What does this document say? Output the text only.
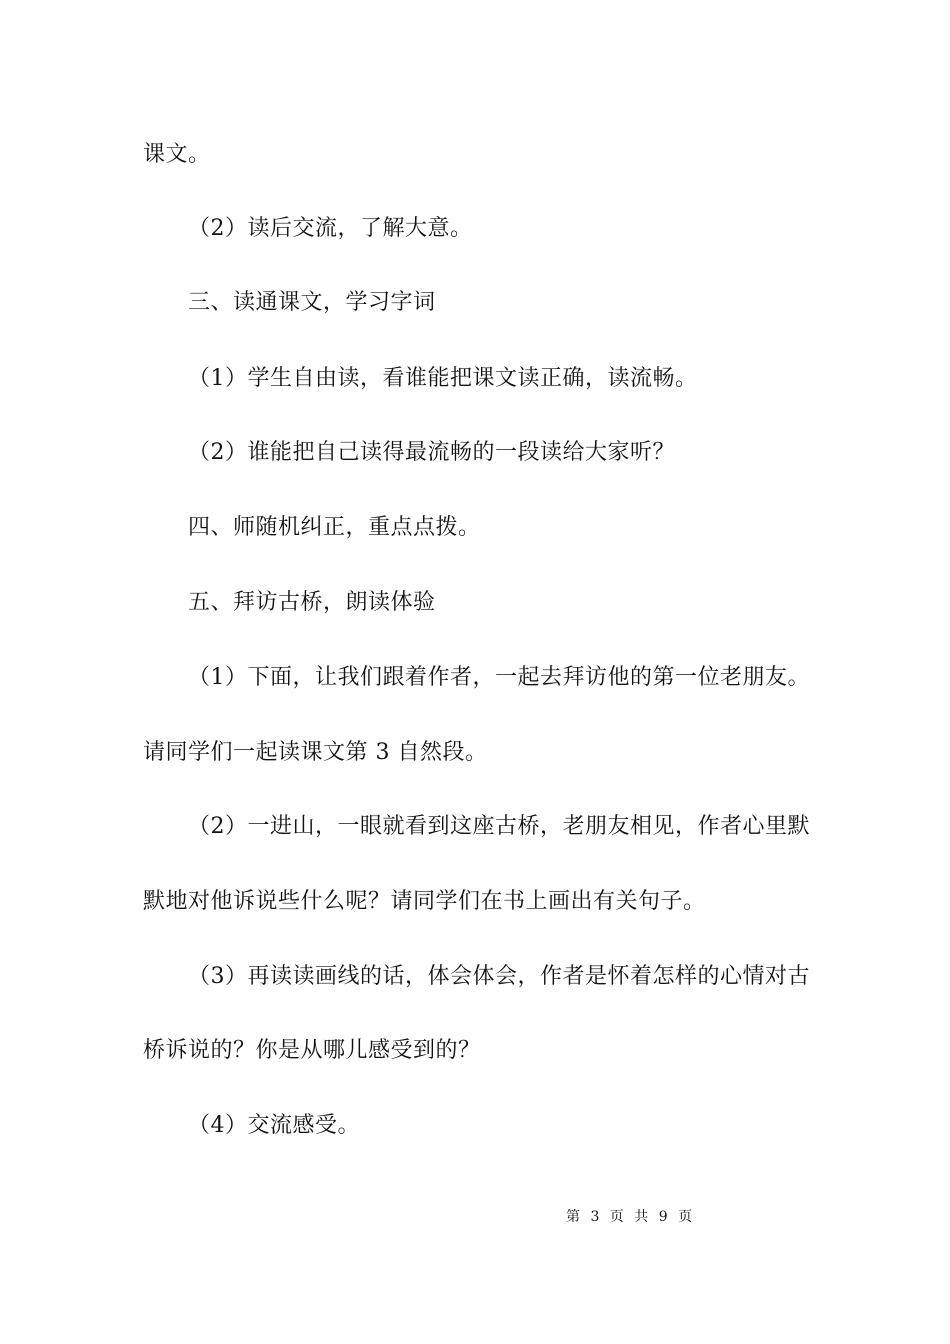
课文。
（2）读后交流，了解大意。
三、读通课文，学习字词
（1）学生自由读，看谁能把课文读正确，读流畅。
（2）谁能把自己读得最流畅的一段读给大家听？
四、师随机纠正，重点点拨。
五、拜访古桥，朗读体验
（1）下面，让我们跟着作者，一起去拜访他的第一位老朋友。
请同学们一起读课文第 3 自然段。
（2）一进山，一眼就看到这座古桥，老朋友相见，作者心里默
默地对他诉说些什么呢？请同学们在书上画出有关句子。
（3）再读读画线的话，体会体会，作者是怀着怎样的心情对古
桥诉说的？你是从哪儿感受到的？
（4）交流感受。
第 3 页 共 9 页
